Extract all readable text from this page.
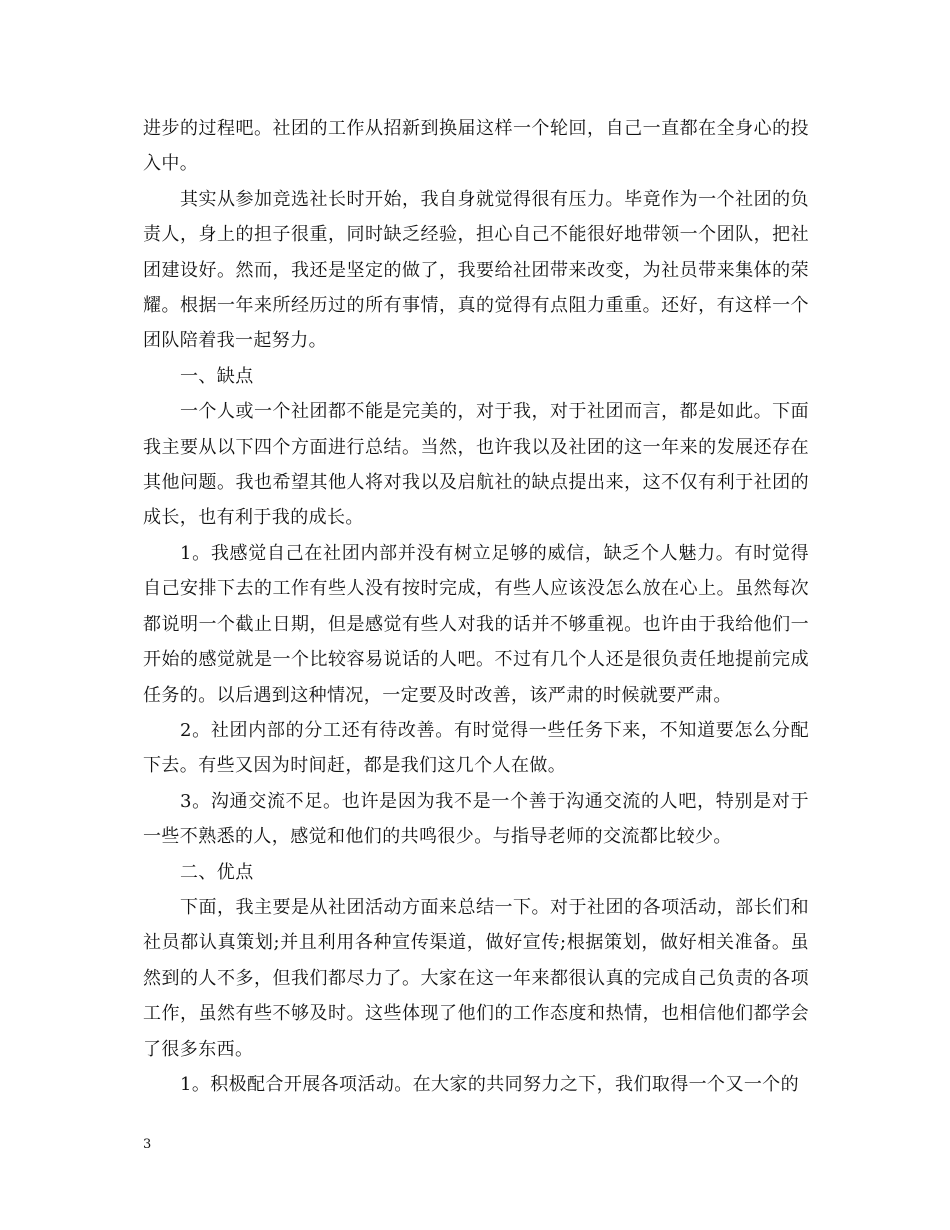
进步的过程吧。社团的工作从招新到换届这样一个轮回，自己一直都在全身心的投入中。

其实从参加竞选社长时开始，我自身就觉得很有压力。毕竟作为一个社团的负责人，身上的担子很重，同时缺乏经验，担心自己不能很好地带领一个团队，把社团建设好。然而，我还是坚定的做了，我要给社团带来改变，为社员带来集体的荣耀。根据一年来所经历过的所有事情，真的觉得有点阻力重重。还好，有这样一个团队陪着我一起努力。

一、缺点

一个人或一个社团都不能是完美的，对于我，对于社团而言，都是如此。下面我主要从以下四个方面进行总结。当然，也许我以及社团的这一年来的发展还存在其他问题。我也希望其他人将对我以及启航社的缺点提出来，这不仅有利于社团的成长，也有利于我的成长。

1。我感觉自己在社团内部并没有树立足够的威信，缺乏个人魅力。有时觉得自己安排下去的工作有些人没有按时完成，有些人应该没怎么放在心上。虽然每次都说明一个截止日期，但是感觉有些人对我的话并不够重视。也许由于我给他们一开始的感觉就是一个比较容易说话的人吧。不过有几个人还是很负责任地提前完成任务的。以后遇到这种情况，一定要及时改善，该严肃的时候就要严肃。

2。社团内部的分工还有待改善。有时觉得一些任务下来，不知道要怎么分配下去。有些又因为时间赶，都是我们这几个人在做。

3。沟通交流不足。也许是因为我不是一个善于沟通交流的人吧，特别是对于一些不熟悉的人，感觉和他们的共鸣很少。与指导老师的交流都比较少。

二、优点

下面，我主要是从社团活动方面来总结一下。对于社团的各项活动，部长们和社员都认真策划;并且利用各种宣传渠道，做好宣传;根据策划，做好相关准备。虽然到的人不多，但我们都尽力了。大家在这一年来都很认真的完成自己负责的各项工作，虽然有些不够及时。这些体现了他们的工作态度和热情，也相信他们都学会了很多东西。

1。积极配合开展各项活动。在大家的共同努力之下，我们取得一个又一个的

3
